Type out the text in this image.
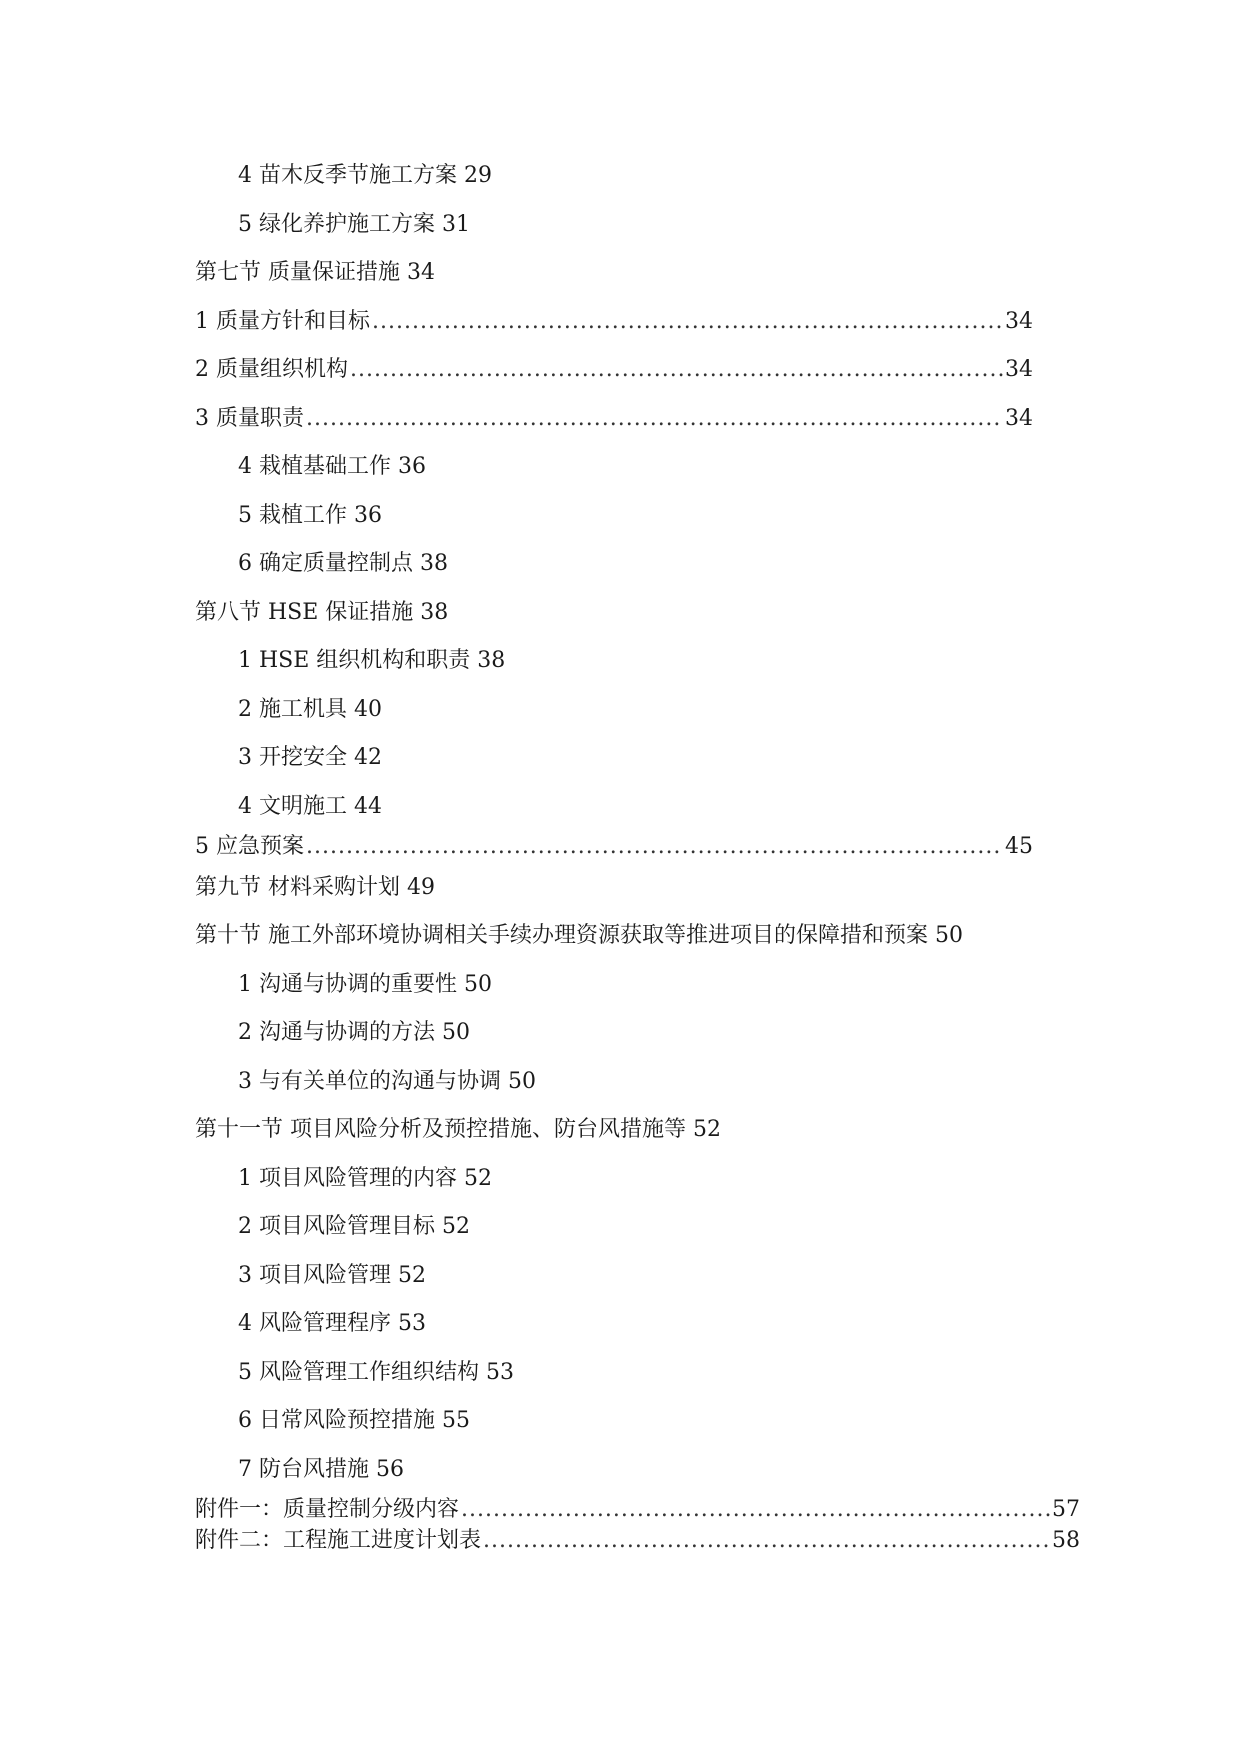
4 苗木反季节施工方案 29
5 绿化养护施工方案 31
第七节 质量保证措施 34
1 质量方针和目标 .....	34
2 质量组织机构 .....	34
3 质量职责 .....	34
4 栽植基础工作 36
5 栽植工作 36
6 确定质量控制点 38
第八节 HSE 保证措施 38
1 HSE 组织机构和职责 38
2 施工机具 40
3 开挖安全 42
4 文明施工 44
5 应急预案 .....	45
第九节 材料采购计划 49
第十节 施工外部环境协调相关手续办理资源获取等推进项目的保障措和预案 50
1 沟通与协调的重要性 50
2 沟通与协调的方法 50
3 与有关单位的沟通与协调 50
第十一节 项目风险分析及预控措施、防台风措施等 52
1 项目风险管理的内容 52
2 项目风险管理目标 52
3 项目风险管理 52
4 风险管理程序 53
5 风险管理工作组织结构 53
6 日常风险预控措施 55
7 防台风措施 56
附件一：质量控制分级内容 .....	57
附件二：工程施工进度计划表 .....	58
